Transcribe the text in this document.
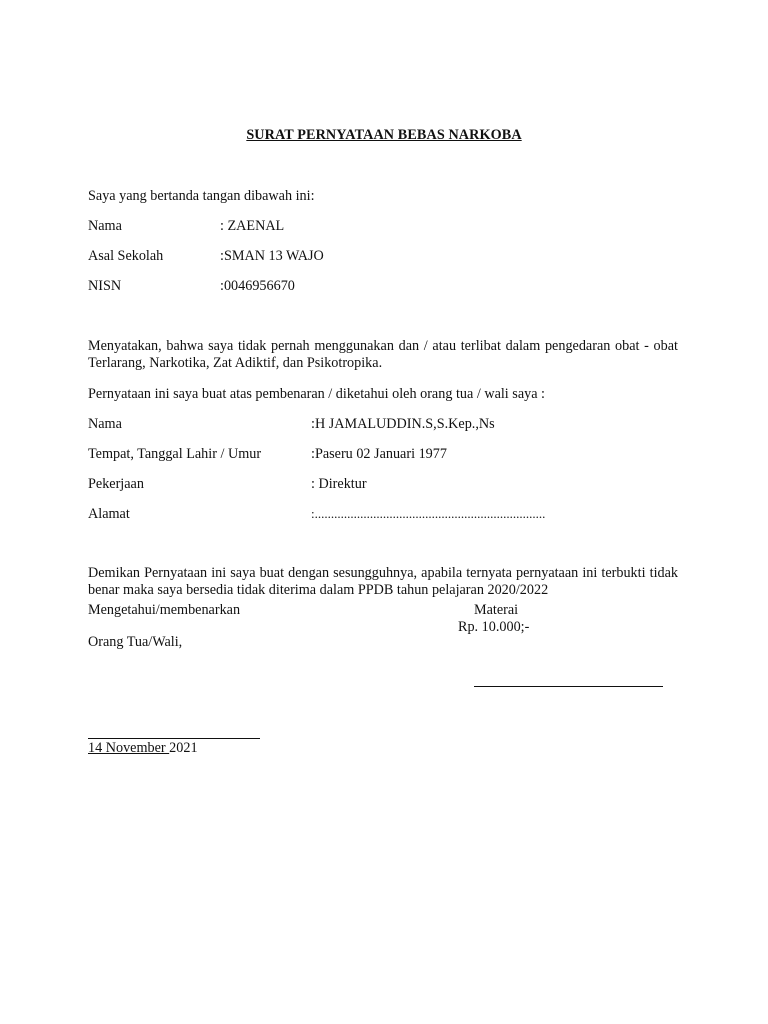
SURAT PERNYATAAN BEBAS NARKOBA
Saya yang bertanda tangan dibawah ini:
Nama	: ZAENAL
Asal Sekolah	:SMAN 13 WAJO
NISN	:0046956670
Menyatakan, bahwa saya tidak pernah menggunakan dan / atau terlibat dalam pengedaran obat - obat Terlarang, Narkotika, Zat Adiktif, dan Psikotropika.
Pernyataan ini saya buat atas pembenaran / diketahui oleh orang tua / wali saya :
Nama	:H JAMALUDDIN.S,S.Kep.,Ns
Tempat, Tanggal Lahir / Umur	:Paseru 02 Januari 1977
Pekerjaan	: Direktur
Alamat	:.......................................................................
Demikan Pernyataan ini saya buat dengan sesungguhnya, apabila ternyata pernyataan ini terbukti tidak benar maka saya bersedia tidak diterima dalam PPDB tahun pelajaran 2020/2022
Mengetahui/membenarkan	Materai
Rp. 10.000;-
Orang Tua/Wali,
14 November 2021
